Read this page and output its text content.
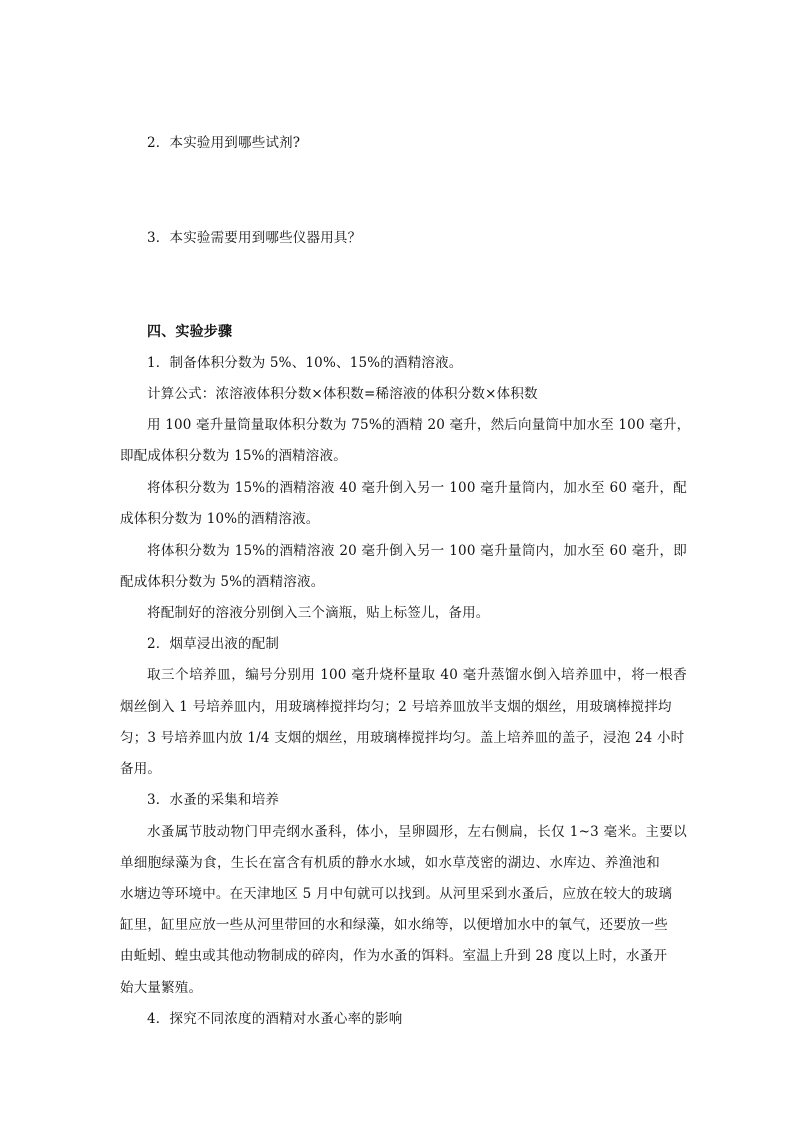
2．本实验用到哪些试剂?
3．本实验需要用到哪些仪器用具？
四、实验步骤
1．制备体积分数为 5%、10%、15%的酒精溶液。
计算公式：浓溶液体积分数×体积数=稀溶液的体积分数×体积数
用 100 毫升量筒量取体积分数为 75%的酒精 20 毫升，然后向量筒中加水至 100 毫升，
即配成体积分数为 15%的酒精溶液。
将体积分数为 15%的酒精溶液 40 毫升倒入另一 100 毫升量筒内，加水至 60 毫升，配
成体积分数为 10%的酒精溶液。
将体积分数为 15%的酒精溶液 20 毫升倒入另一 100 毫升量筒内，加水至 60 毫升，即
配成体积分数为 5%的酒精溶液。
将配制好的溶液分别倒入三个滴瓶，贴上标签儿，备用。
2．烟草浸出液的配制
取三个培养皿，编号分别用 100 毫升烧杯量取 40 毫升蒸馏水倒入培养皿中，将一根香
烟丝倒入 1 号培养皿内，用玻璃棒搅拌均匀；2 号培养皿放半支烟的烟丝，用玻璃棒搅拌均
匀；3 号培养皿内放 1/4 支烟的烟丝，用玻璃棒搅拌均匀。盖上培养皿的盖子，浸泡 24 小时
备用。
3．水蚤的采集和培养
水蚤属节肢动物门甲壳纲水蚤科，体小，呈卵圆形，左右侧扁，长仅 1~3 毫米。主要以
单细胞绿藻为食，生长在富含有机质的静水水域，如水草茂密的湖边、水库边、养渔池和
水塘边等环境中。在天津地区 5 月中旬就可以找到。从河里采到水蚤后，应放在较大的玻璃
缸里，缸里应放一些从河里带回的水和绿藻，如水绵等，以便增加水中的氧气，还要放一些
由蚯蚓、蝗虫或其他动物制成的碎肉，作为水蚤的饵料。室温上升到 28 度以上时，水蚤开
始大量繁殖。
4．探究不同浓度的酒精对水蚤心率的影响
